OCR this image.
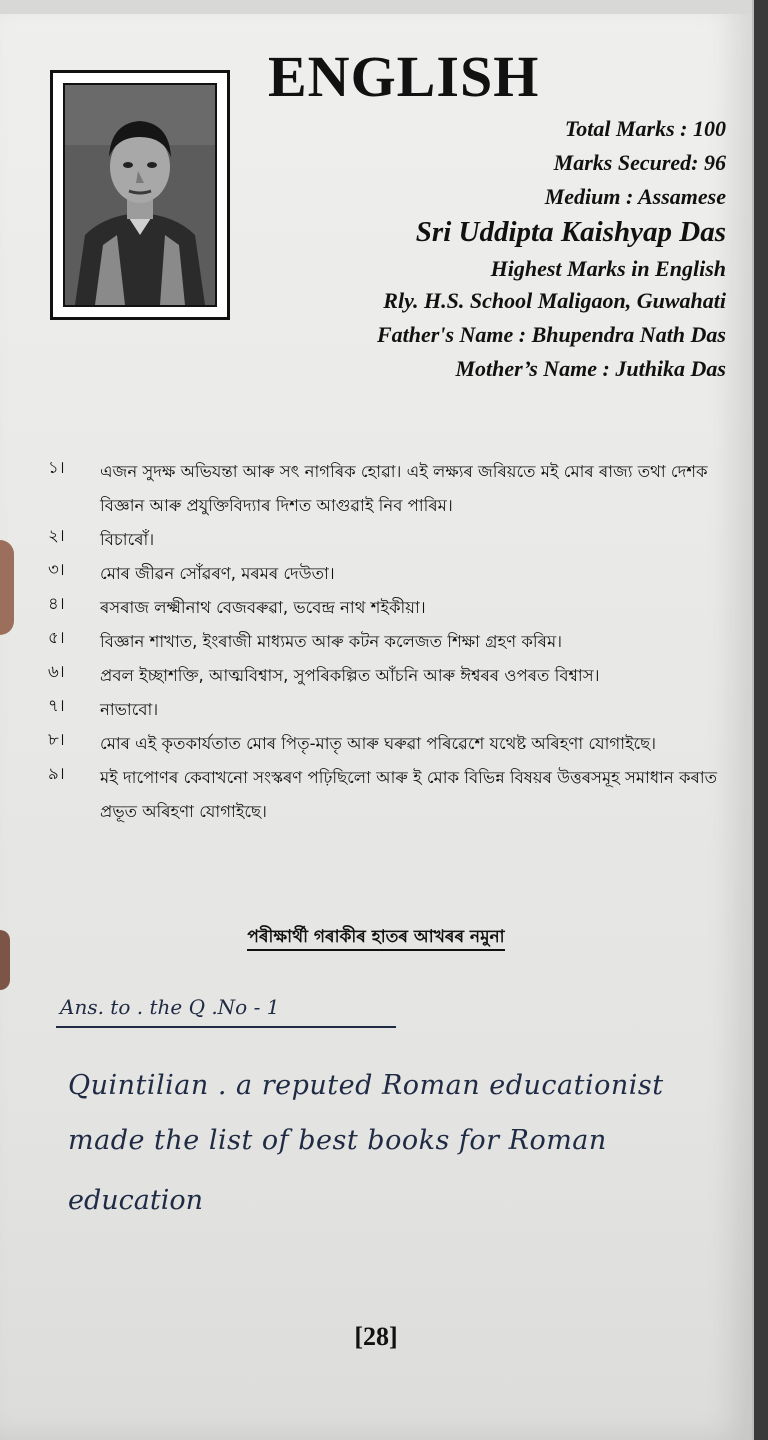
ENGLISH
Total Marks : 100
Marks Secured: 96
Medium : Assamese
Sri Uddipta Kaishyap Das
Highest Marks in English
Rly. H.S. School Maligaon, Guwahati
Father's Name : Bhupendra Nath Das
Mother’s Name : Juthika Das
১।	এজন সুদক্ষ অভিযন্তা আৰু সৎ নাগৰিক হোৱা। এই লক্ষ্যৰ জৰিয়তে মই মোৰ ৰাজ্য তথা দেশক বিজ্ঞান আৰু প্ৰযুক্তিবিদ্যাৰ দিশত আগুৱাই নিব পাৰিম।
২।	বিচাৰোঁ।
৩।	মোৰ জীৱন সোঁৱৰণ, মৰমৰ দেউতা।
৪।	ৰসৰাজ লক্ষ্মীনাথ বেজবৰুৱা, ভবেন্দ্ৰ নাথ শইকীয়া।
৫।	বিজ্ঞান শাখাত, ইংৰাজী মাধ্যমত আৰু কটন কলেজত শিক্ষা গ্ৰহণ কৰিম।
৬।	প্ৰবল ইচ্ছাশক্তি, আত্মবিশ্বাস, সুপৰিকল্পিত আঁচনি আৰু ঈশ্বৰৰ ওপৰত বিশ্বাস।
৭।	নাভাবো।
৮।	মোৰ এই কৃতকাৰ্যতাত মোৰ পিতৃ-মাতৃ আৰু ঘৰুৱা পৰিৱেশে যথেষ্ট অৰিহণা যোগাইছে।
৯।	মই দাপোণৰ কেবাখনো সংস্কৰণ পঢ়িছিলো আৰু ই মোক বিভিন্ন বিষয়ৰ উত্তৰসমূহ সমাধান কৰাত প্ৰভূত অৰিহণা যোগাইছে।
পৰীক্ষাৰ্থী গৰাকীৰ হাতৰ আখৰৰ নমুনা
Ans. to . the Q .No - 1
Quintilian . a reputed Roman educationist
made the list of best books for Roman
education
[28]
